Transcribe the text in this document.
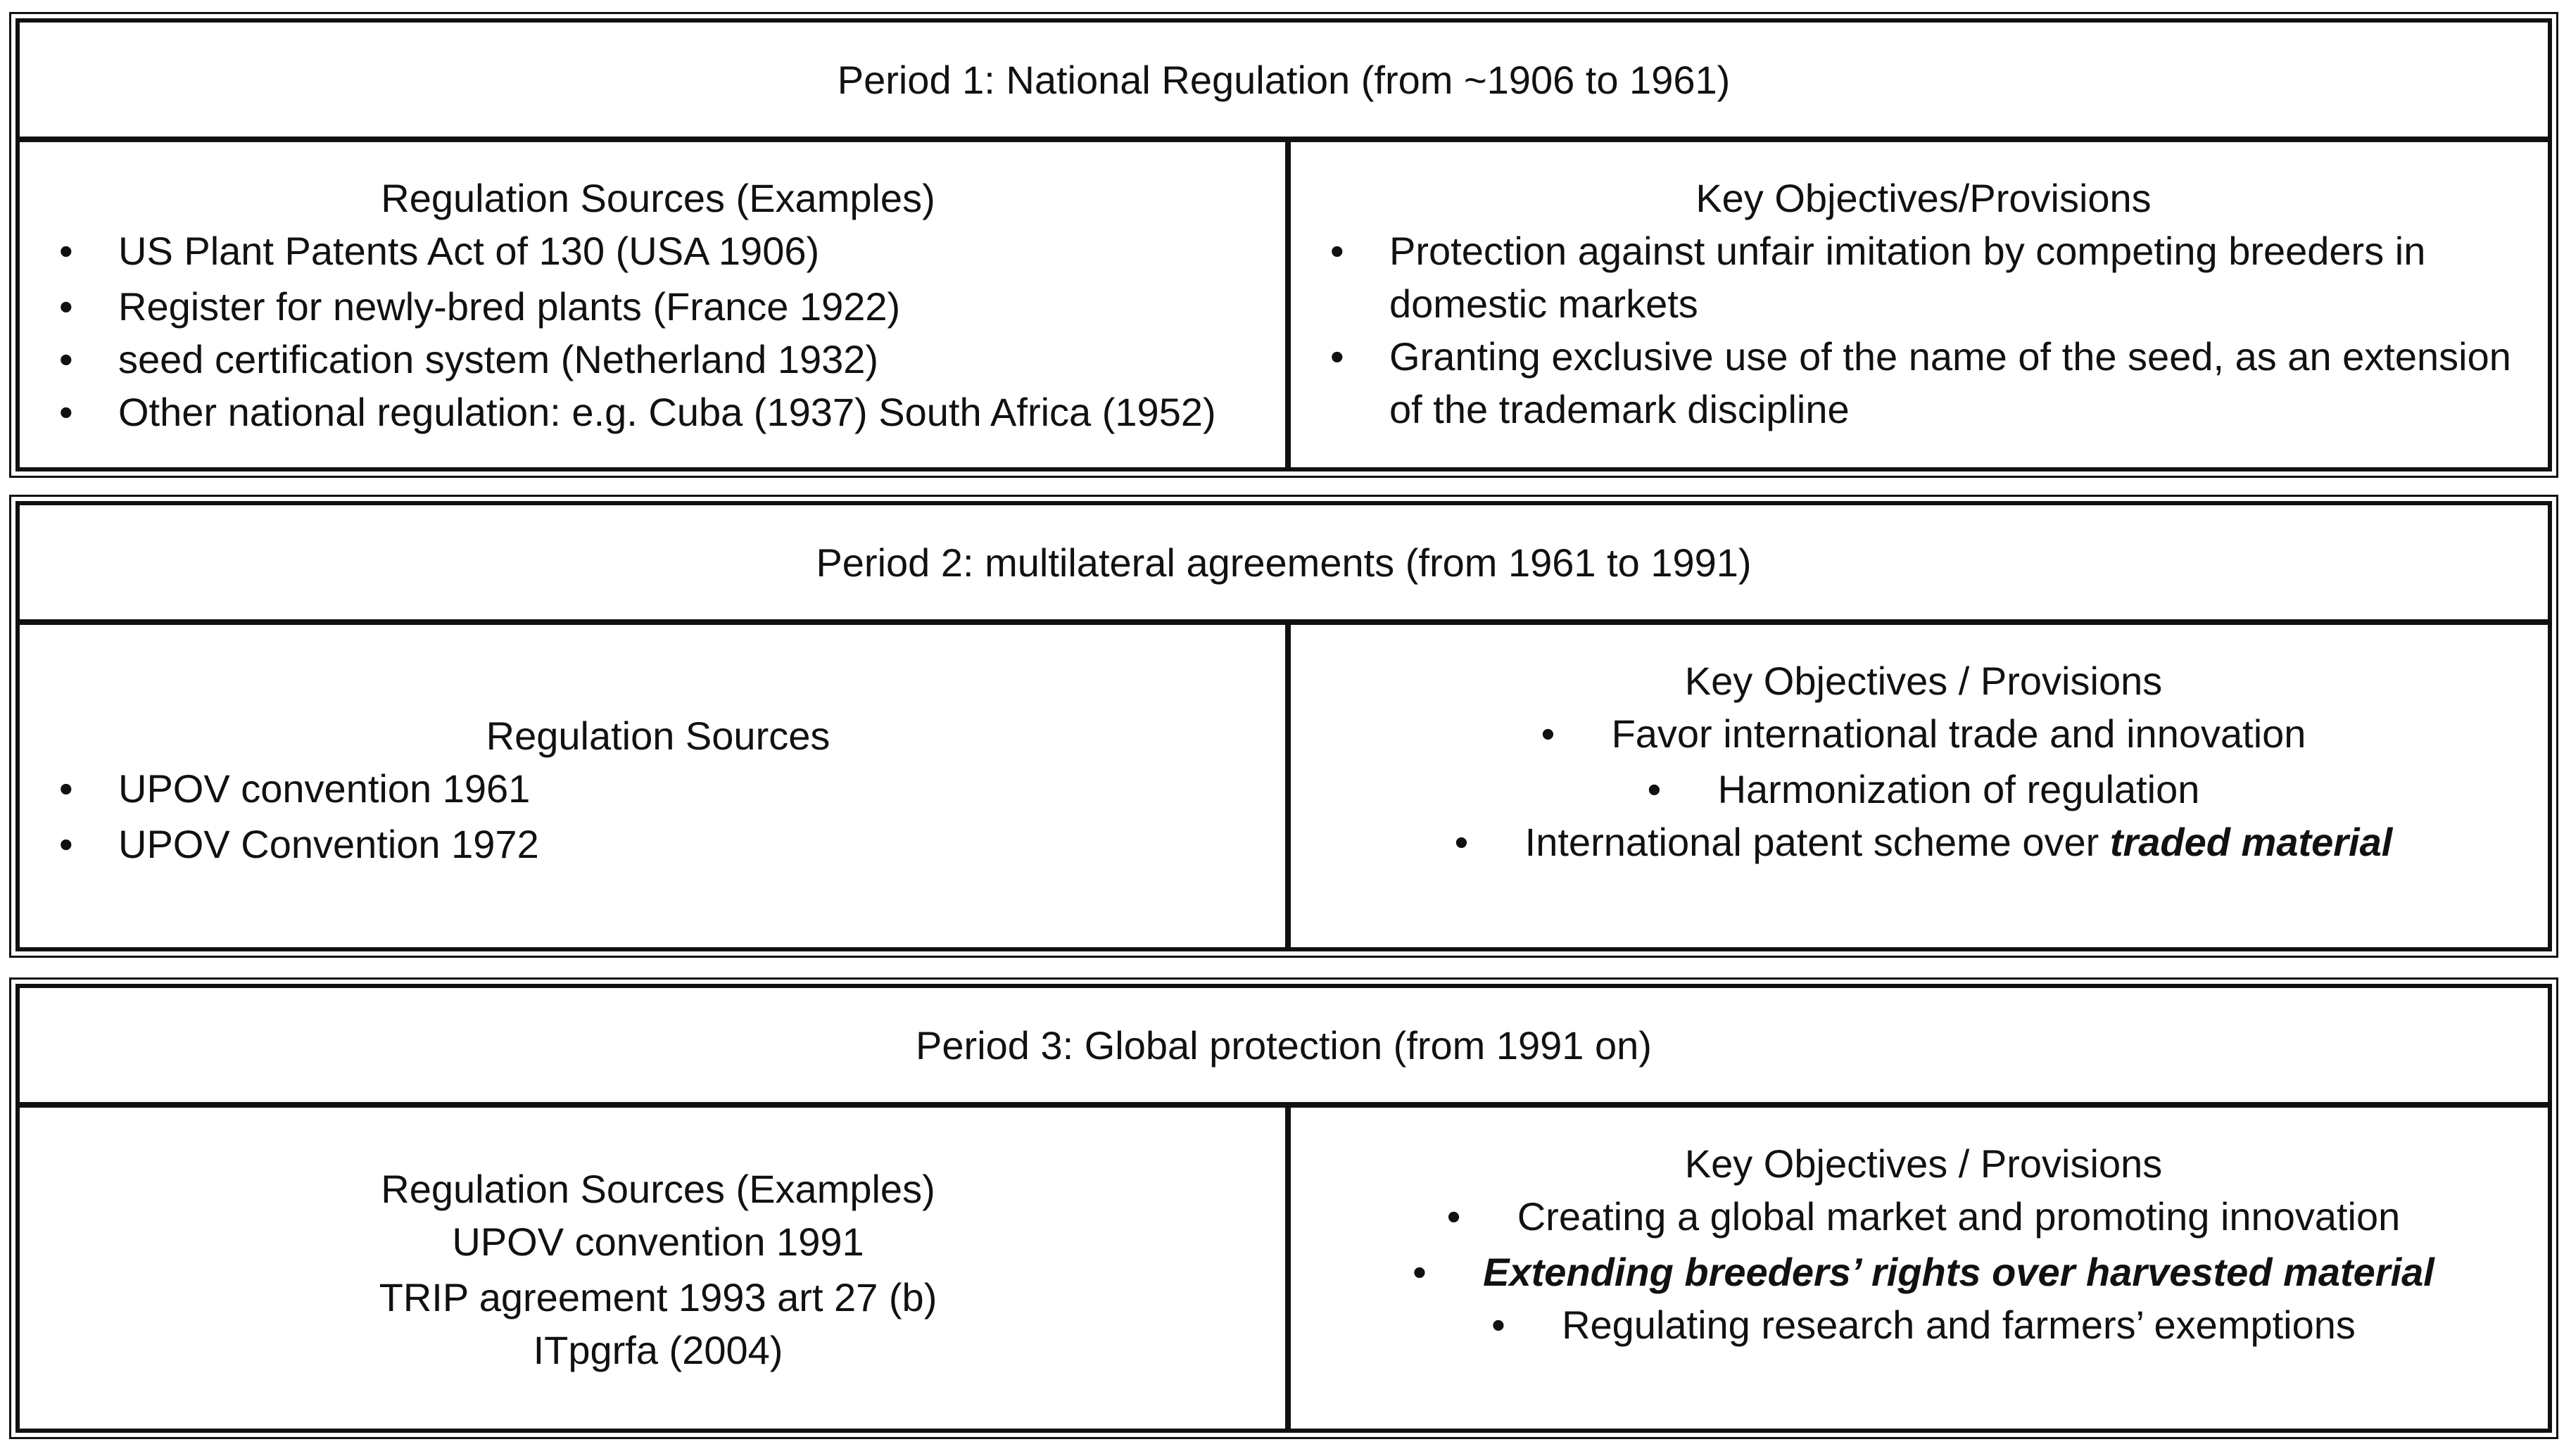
Period 1: National Regulation (from ~1906 to 1961)
Regulation Sources (Examples)
• US Plant Patents Act of 130 (USA 1906)
• Register for newly-bred plants (France 1922)
• seed certification system (Netherland 1932)
• Other national regulation: e.g. Cuba (1937) South Africa (1952)
Key Objectives/Provisions
• Protection against unfair imitation by competing breeders in domestic markets
• Granting exclusive use of the name of the seed, as an extension of the trademark discipline
Period 2: multilateral agreements (from 1961 to 1991)
Regulation Sources
• UPOV convention 1961
• UPOV Convention 1972
Key Objectives / Provisions
• Favor international trade and innovation
• Harmonization of regulation
• International patent scheme over traded material
Period 3: Global protection (from 1991 on)
Regulation Sources (Examples)
UPOV convention 1991
TRIP agreement 1993 art 27 (b)
ITpgrfa (2004)
Key Objectives / Provisions
• Creating a global market and promoting innovation
• Extending breeders’ rights over harvested material
• Regulating research and farmers’ exemptions
